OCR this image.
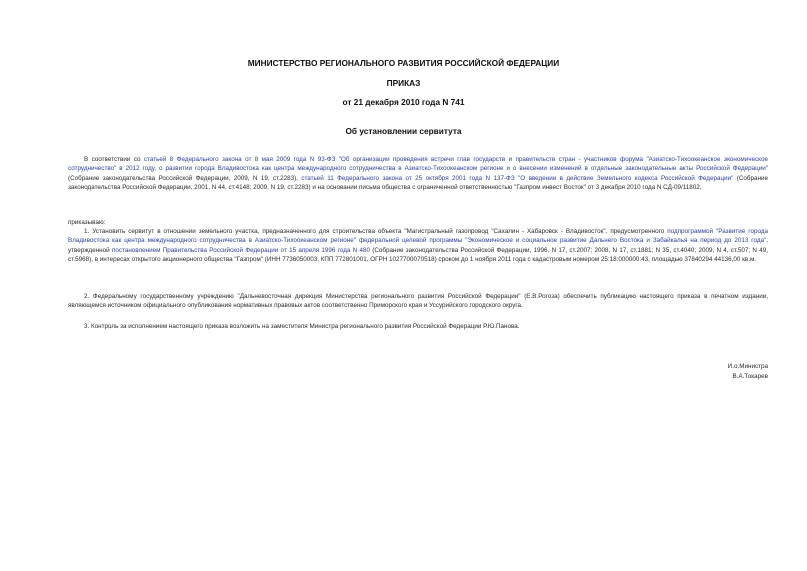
МИНИСТЕРСТВО РЕГИОНАЛЬНОГО РАЗВИТИЯ РОССИЙСКОЙ ФЕДЕРАЦИИ
ПРИКАЗ
от 21 декабря 2010 года N 741
Об установлении сервитута
В соответствии со статьей 8 Федерального закона от 8 мая 2009 года N 93-ФЗ "Об организации проведения встречи глав государств и правительств стран - участников форума "Азиатско-Тихоокеанское экономическое сотрудничество" в 2012 году, о развитии города Владивостока как центра международного сотрудничества в Азиатско-Тихоокеанском регионе и о внесении изменений в отдельные законодательные акты Российской Федерации" (Собрание законодательства Российской Федерации, 2009, N 19, ст.2283), статьей 11 Федерального закона от 25 октября 2001 года N 137-ФЗ "О введении в действие Земельного кодекса Российской Федерации" (Собрание законодательства Российской Федерации, 2001, N 44, ст.4148; 2009, N 19, ст.2283) и на основании письма общества с ограниченной ответственностью "Газпром инвест Восток" от 3 декабря 2010 года N СД-09/11802,
приказываю:
1. Установить сервитут в отношении земельного участка, предназначенного для строительства объекта "Магистральный газопровод "Сахалин - Хабаровск - Владивосток", предусмотренного подпрограммой "Развитие города Владивостока как центра международного сотрудничества в Азиатско-Тихоокеанском регионе" федеральной целевой программы "Экономическое и социальное развитие Дальнего Востока и Забайкалья на период до 2013 года", утвержденной постановлением Правительства Российской Федерации от 15 апреля 1996 года N 480 (Собрание законодательства Российской Федерации, 1996, N 17, ст.2007; 2008, N 17, ст.1881; N 35, ст.4040; 2009, N 4, ст.507; N 49, ст.5968), в интересах открытого акционерного общества "Газпром" (ИНН 7736050003, КПП 772801001, ОГРН 1027700070518) сроком до 1 ноября 2011 года с кадастровым номером 25:18:000000:43, площадью 37840294 44136,00 кв.м.
2. Федеральному государственному учреждению "Дальневосточная дирекция Министерства регионального развития Российской Федерации" (Е.В.Рогоза) обеспечить публикацию настоящего приказа в печатном издании, являющемся источником официального опубликования нормативных правовых актов соответственно Приморского края и Уссурийского городского округа.
3. Контроль за исполнением настоящего приказа возложить на заместителя Министра регионального развития Российской Федерации Р.Ю.Панова.
И.о.Министра
В.А.Токарев
